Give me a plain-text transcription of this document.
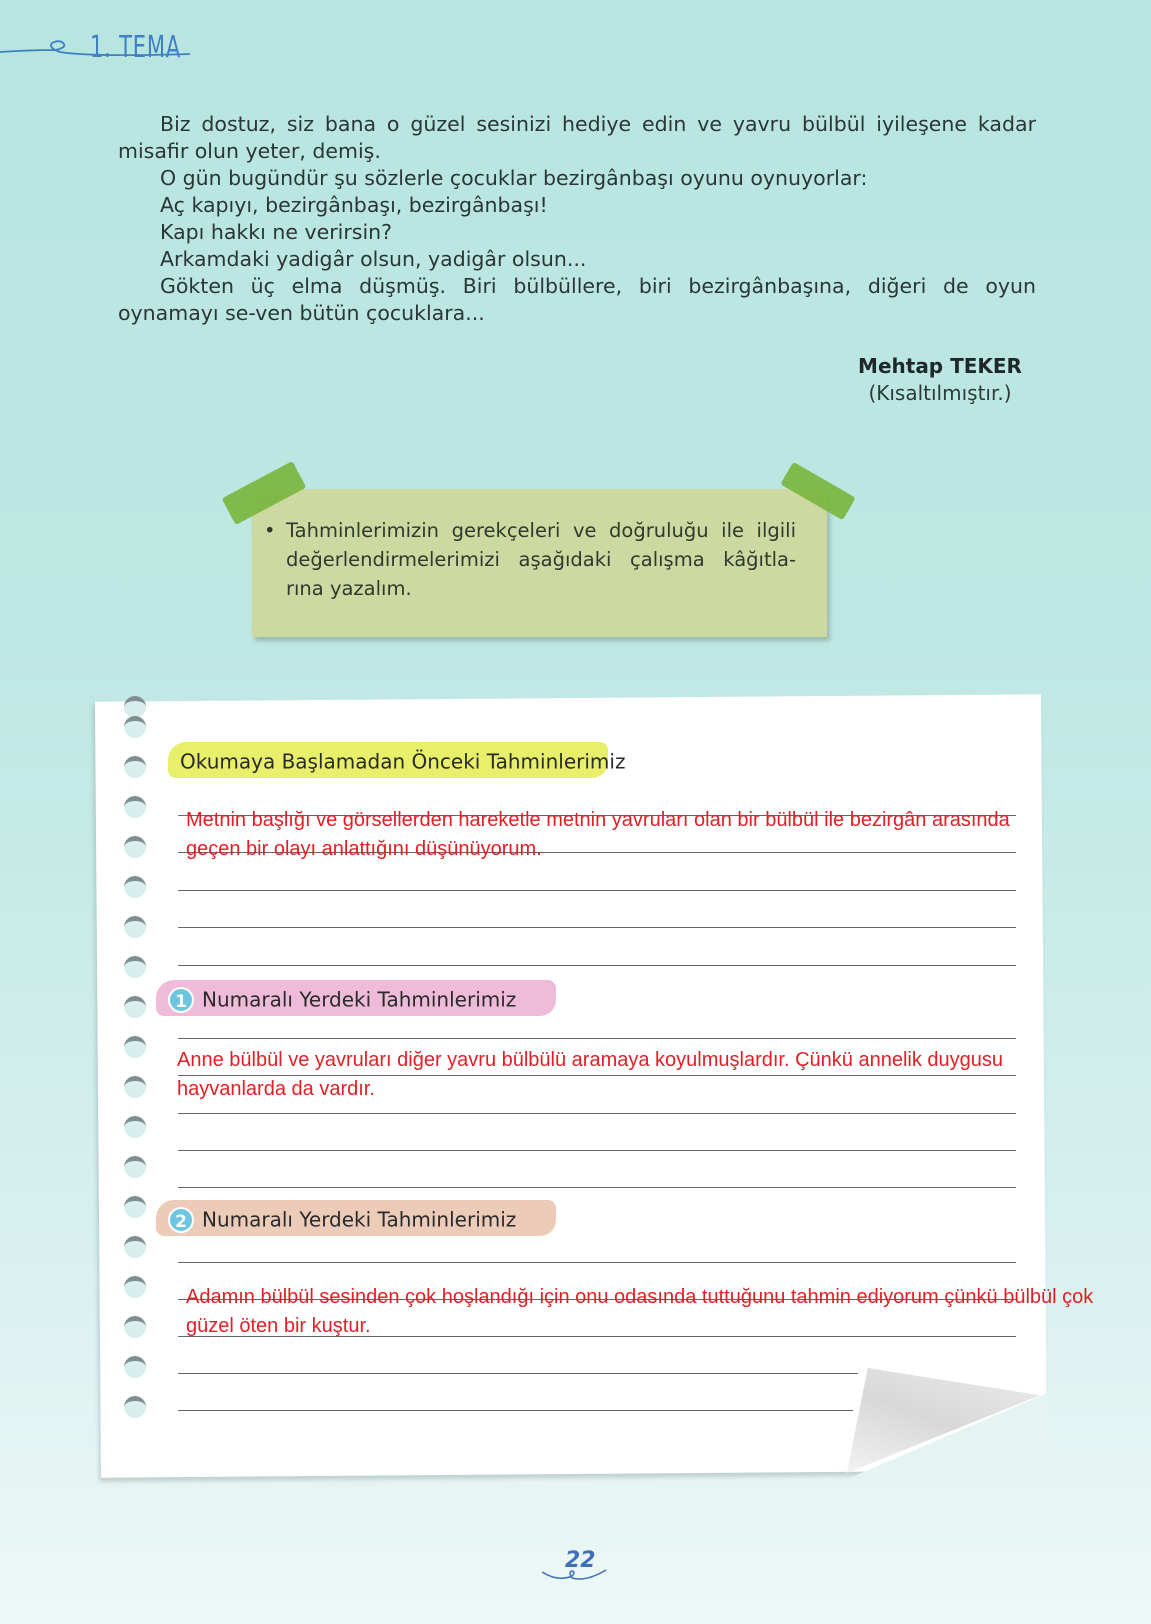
1. TEMA

Biz dostuz, siz bana o güzel sesinizi hediye edin ve yavru bülbül iyileşene kadar misafir olun yeter, demiş.

O gün bugündür şu sözlerle çocuklar bezirgânbaşı oyunu oynuyorlar:

Aç kapıyı, bezirgânbaşı, bezirgânbaşı!

Kapı hakkı ne verirsin?

Arkamdaki yadigâr olsun, yadigâr olsun...

Gökten üç elma düşmüş. Biri bülbüllere, biri bezirgânbaşına, diğeri de oyun oynamayı se-ven bütün çocuklara...

Mehtap TEKER
(Kısaltılmıştır.)
• Tahminlerimizin gerekçeleri ve doğruluğu ile ilgili değerlendirmelerimizi aşağıdaki çalışma kâğıtla-rına yazalım.
Okumaya Başlamadan Önceki Tahminlerimiz
Metnin başlığı ve görsellerden hareketle metnin yavruları olan bir bülbül ile bezirgân arasında geçen bir olayı anlattığını düşünüyorum.
1 Numaralı Yerdeki Tahminlerimiz
Anne bülbül ve yavruları diğer yavru bülbülü aramaya koyulmuşlardır. Çünkü annelik duygusu hayvanlarda da vardır.
2 Numaralı Yerdeki Tahminlerimiz
Adamın bülbül sesinden çok hoşlandığı için onu odasında tuttuğunu tahmin ediyorum çünkü bülbül çok güzel öten bir kuştur.
22
